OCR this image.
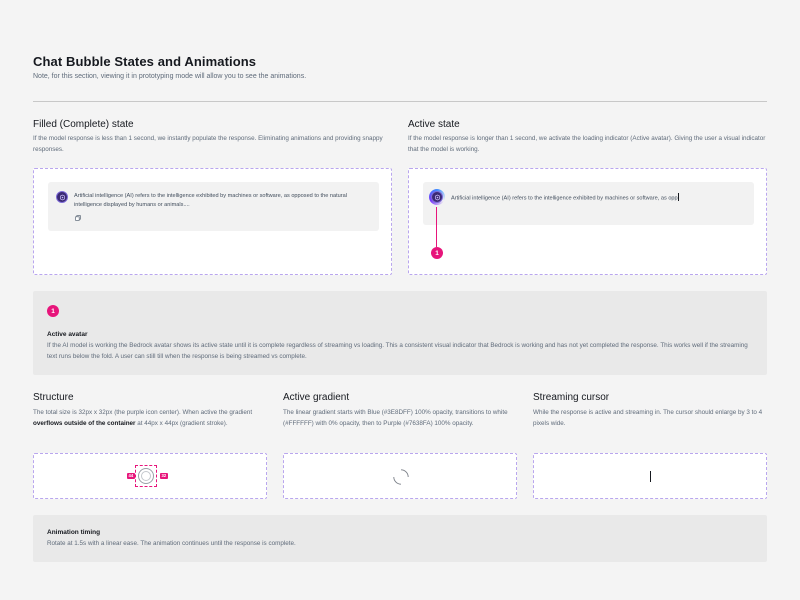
Chat Bubble States and Animations
Note, for this section, viewing it in prototyping mode will allow you to see the animations.
Filled (Complete) state
If the model response is less than 1 second, we instantly populate the response. Eliminating animations and providing snappy responses.
Artificial intelligence (AI) refers to the intelligence exhibited by machines or software, as opposed to the natural intelligence displayed by humans or animals....
Active state
If the model response is longer than 1 second, we activate the loading indicator (Active avatar). Giving the user a visual indicator that the model is working.
Artificial intelligence (AI) refers to the intelligence exhibited by machines or software, as opp
1
1
Active avatar
If the AI model is working the Bedrock avatar shows its active state until it is complete regardless of streaming vs loading. This a consistent visual indicator that Bedrock is working and has not yet completed the response. This works well if the streaming text runs below the fold. A user can still till when the response is being streamed vs complete.
Structure
The total size is 32px x 32px (the purple icon center). When active the gradient overflows outside of the container at 44px x 44px (gradient stroke).
44	32
Active gradient
The linear gradient starts with Blue (#3E8DFF) 100% opacity, transitions to white (#FFFFFF) with 0% opacity, then to Purple (#7638FA) 100% opacity.
Streaming cursor
While the response is active and streaming in. The cursor should enlarge by 3 to 4 pixels wide.
Animation timing
Rotate at 1.5s with a linear ease. The animation continues until the response is complete.
